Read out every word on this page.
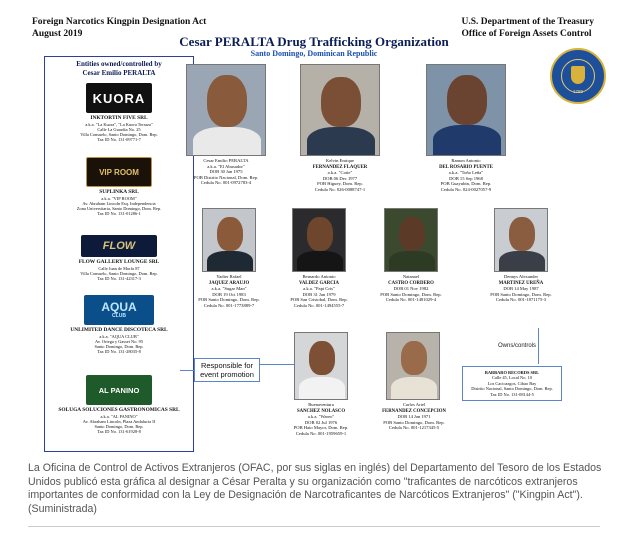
Foreign Narcotics Kingpin Designation Act
August 2019
U.S. Department of the Treasury
Office of Foreign Assets Control
Cesar PERALTA Drug Trafficking Organization
Santo Domingo, Dominican Republic
1789
Entities owned/controlled by
Cesar Emilio PERALTA
KUORA
INKTORTIN FIVE SRL
a.k.a. "La Kuora", "La Kuora Terraza"
Calle La Guardia No. 25
Villa Consuelo, Santo Domingo, Dom. Rep.
Tax ID No. 131-09771-7
VIP ROOM
SUPLINKA SRL
a.k.a. "VIP ROOM"
Av. Abraham Lincoln Esq. Independencia
Zona Universitaria, Santo Domingo, Dom. Rep.
Tax ID No. 131-01286-1
FLOW
FLOW GALLERY LOUNGE SRL
Calle Juan de Morfa 87
Villa Consuelo, Santo Domingo, Dom. Rep.
Tax ID No. 131-42317-3
AQUA
CLUB
UNLIMITED DANCE DISCOTECA SRL
a.k.a. "AQUA CLUB"
Av. Ortega y Gasset No. 95
Santo Domingo, Dom. Rep.
Tax ID No. 131-28035-8
AL PANINO
SOLUGA SOLUCIONES GASTRONOMICAS SRL
a.k.a. "AL PANINO"
Av. Abraham Lincoln, Plaza Andalucia II
Santo Domingo, Dom. Rep.
Tax ID No. 131-61928-8
Cesar Emilio PERALTA
a.k.a. "El Abusador"
DOB 30 Jan 1975
POB Distrito Nacional, Dom. Rep.
Cedula No. 001-0972783-4
Kelvin Enrique
FERNANDEZ FLAQUER
a.k.a. "Cotie"
DOB 06 Dec 1977
POB Higuey, Dom. Rep.
Cedula No. 026-0088747-1
Ramon Antonio
DEL ROSARIO PUENTE
a.k.a. "Toño Leña"
DOB 15 Sep 1968
POB Guayubin, Dom. Rep.
Cedula No. 024-0027057-9
Yadier Rafael
JAQUEZ ARAUJO
a.k.a. "Sugar Man"
DOB 19 Oct 1983
POB Santo Domingo, Dom. Rep.
Cedula No. 001-1773889-7
Bernardo Antonio
VALDEZ GARCIA
a.k.a. "Papi Cris"
DOB 31 Jan 1979
POB San Cristobal, Dom. Rep.
Cedula No. 001-1494555-7
Natanael
CASTRO CORDERO
DOB 01 Nov 1982
POB Santo Domingo, Dom. Rep.
Cedula No. 001-1481029-4
Dennys Alexander
MARTINEZ UREÑA
DOB 14 May 1987
POB Santo Domingo, Dom. Rep.
Cedula No. 001-1871175-3
Buenaventura
SANCHEZ NOLASCO
a.k.a. "Wareo"
DOB 02 Jul 1976
POB Hato Mayor, Dom. Rep.
Cedula No. 001-1959659-1
Carlos Ariel
FERNANDEZ CONCEPCION
DOB 14 Jan 1971
POB Santo Domingo, Dom. Rep.
Cedula No. 001-1217345-5
Responsible for event promotion
Owns/controls
BARBARO RECORDS SRL
Calle 45, Local No. 10
Los Cacicazgos, Cibao Bay
Distrito Nacional, Santo Domingo, Dom. Rep.
Tax ID No. 131-08144-5
La Oficina de Control de Activos Extranjeros (OFAC, por sus siglas en inglés) del Departamento del Tesoro de los Estados Unidos publicó esta gráfica al designar a César Peralta y su organización como "traficantes de narcóticos extranjeros importantes de conformidad con la Ley de Designación de Narcotraficantes de Narcóticos Extranjeros" ("Kingpin Act"). (Suministrada)
